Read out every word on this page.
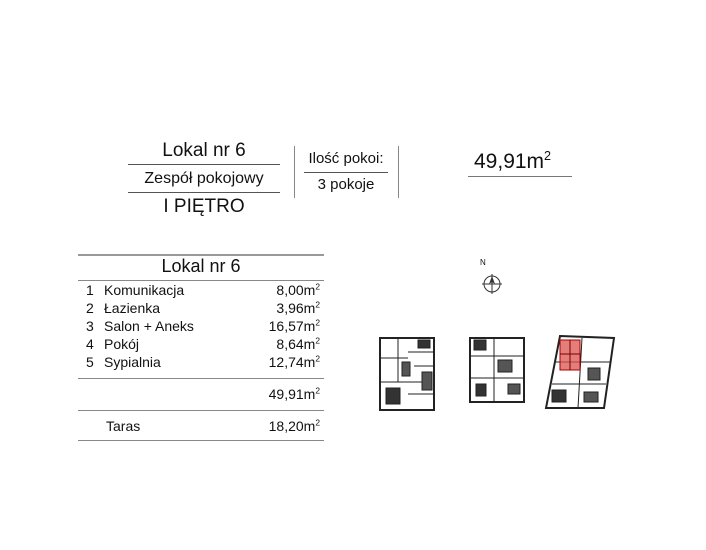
Lokal nr 6
Zespół pokojowy
I PIĘTRO
Ilość pokoi:
3 pokoje
$49,91m^2$
Lokal nr 6
1 Komunikacja	$8,00m^2$
2 Łazienka	$3,96m^2$
3 Salon + Aneks	$16,57m^2$
4 Pokój	$8,64m^2$
5 Sypialnia	$12,74m^2$
$49,91m^2$
Taras	$18,20m^2$
N
